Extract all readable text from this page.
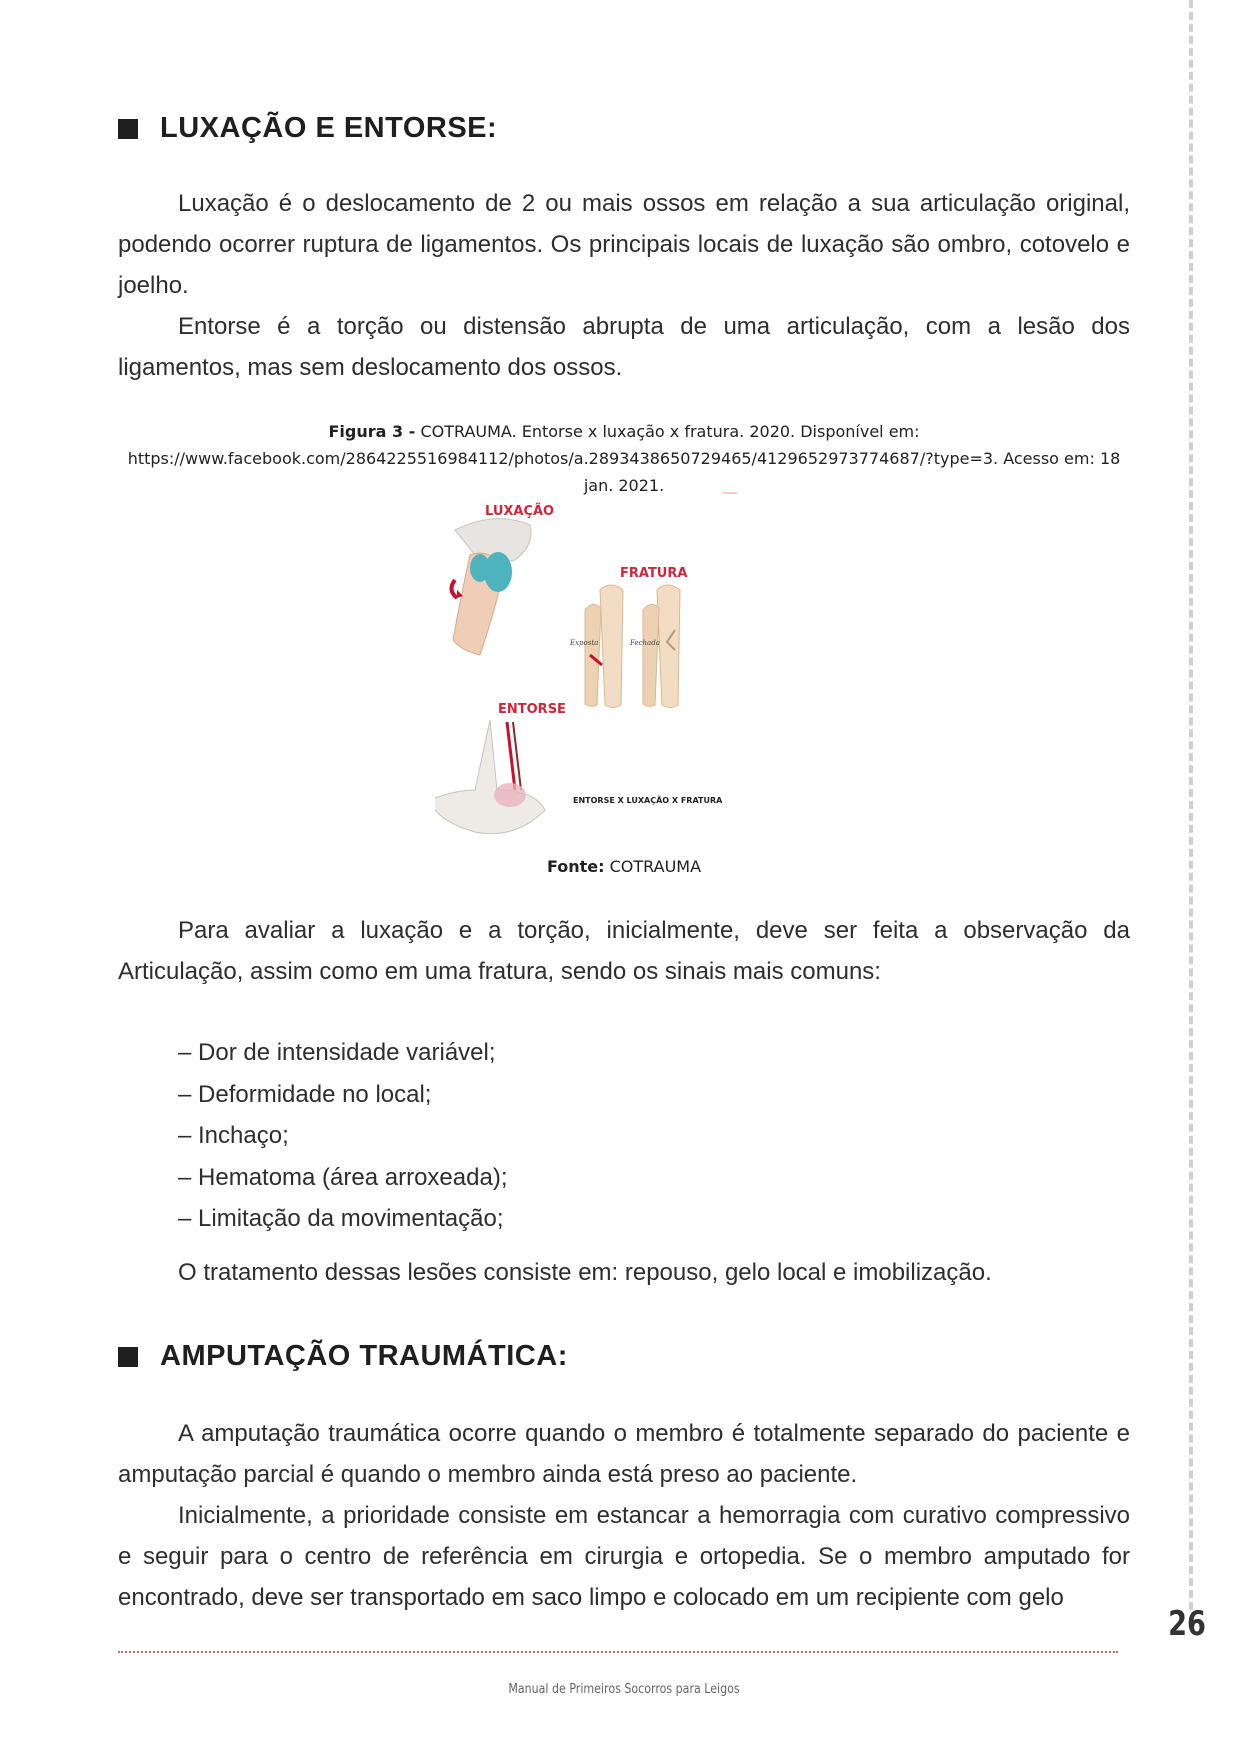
LUXAÇÃO E ENTORSE:

Luxação é o deslocamento de 2 ou mais ossos em relação a sua articulação original, podendo ocorrer ruptura de ligamentos. Os principais locais de luxação são ombro, cotovelo e joelho.

Entorse é a torção ou distensão abrupta de uma articulação, com a lesão dos ligamentos, mas sem deslocamento dos ossos.

Figura 3 - COTRAUMA. Entorse x luxação x fratura. 2020. Disponível em: https://www.facebook.com/2864225516984112/photos/a.2893438650729465/4129652973774687/?type=3. Acesso em: 18 jan. 2021.
LUXAÇÃO
FRATURA
ENTORSE
Exposta	Fechada
ENTORSE X LUXAÇÃO X FRATURA
Fonte: COTRAUMA

Para avaliar a luxação e a torção, inicialmente, deve ser feita a observação da Articulação, assim como em uma fratura, sendo os sinais mais comuns:

– Dor de intensidade variável;
– Deformidade no local;
– Inchaço;
– Hematoma (área arroxeada);
– Limitação da movimentação;

O tratamento dessas lesões consiste em: repouso, gelo local e imobilização.

AMPUTAÇÃO TRAUMÁTICA:

A amputação traumática ocorre quando o membro é totalmente separado do paciente e amputação parcial é quando o membro ainda está preso ao paciente.

Inicialmente, a prioridade consiste em estancar a hemorragia com curativo compressivo e seguir para o centro de referência em cirurgia e ortopedia. Se o membro amputado for encontrado, deve ser transportado em saco limpo e colocado em um recipiente com gelo

26
Manual de Primeiros Socorros para Leigos
